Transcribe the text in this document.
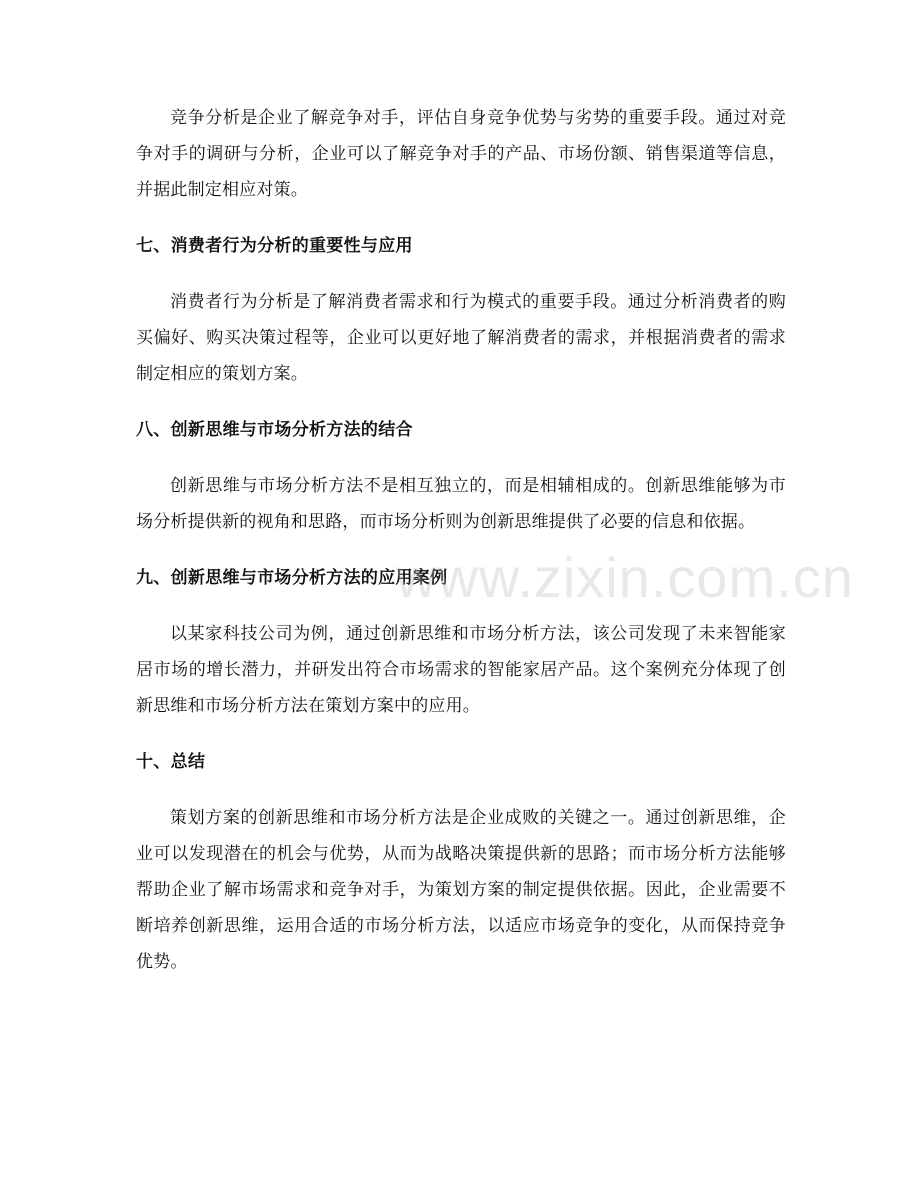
竞争分析是企业了解竞争对手，评估自身竞争优势与劣势的重要手段。通过对竞争对手的调研与分析，企业可以了解竞争对手的产品、市场份额、销售渠道等信息，并据此制定相应对策。

七、消费者行为分析的重要性与应用

消费者行为分析是了解消费者需求和行为模式的重要手段。通过分析消费者的购买偏好、购买决策过程等，企业可以更好地了解消费者的需求，并根据消费者的需求制定相应的策划方案。

八、创新思维与市场分析方法的结合

创新思维与市场分析方法不是相互独立的，而是相辅相成的。创新思维能够为市场分析提供新的视角和思路，而市场分析则为创新思维提供了必要的信息和依据。

九、创新思维与市场分析方法的应用案例

以某家科技公司为例，通过创新思维和市场分析方法，该公司发现了未来智能家居市场的增长潜力，并研发出符合市场需求的智能家居产品。这个案例充分体现了创新思维和市场分析方法在策划方案中的应用。

十、总结

策划方案的创新思维和市场分析方法是企业成败的关键之一。通过创新思维，企业可以发现潜在的机会与优势，从而为战略决策提供新的思路；而市场分析方法能够帮助企业了解市场需求和竞争对手，为策划方案的制定提供依据。因此，企业需要不断培养创新思维，运用合适的市场分析方法，以适应市场竞争的变化，从而保持竞争优势。

www.zixin.com.cn
